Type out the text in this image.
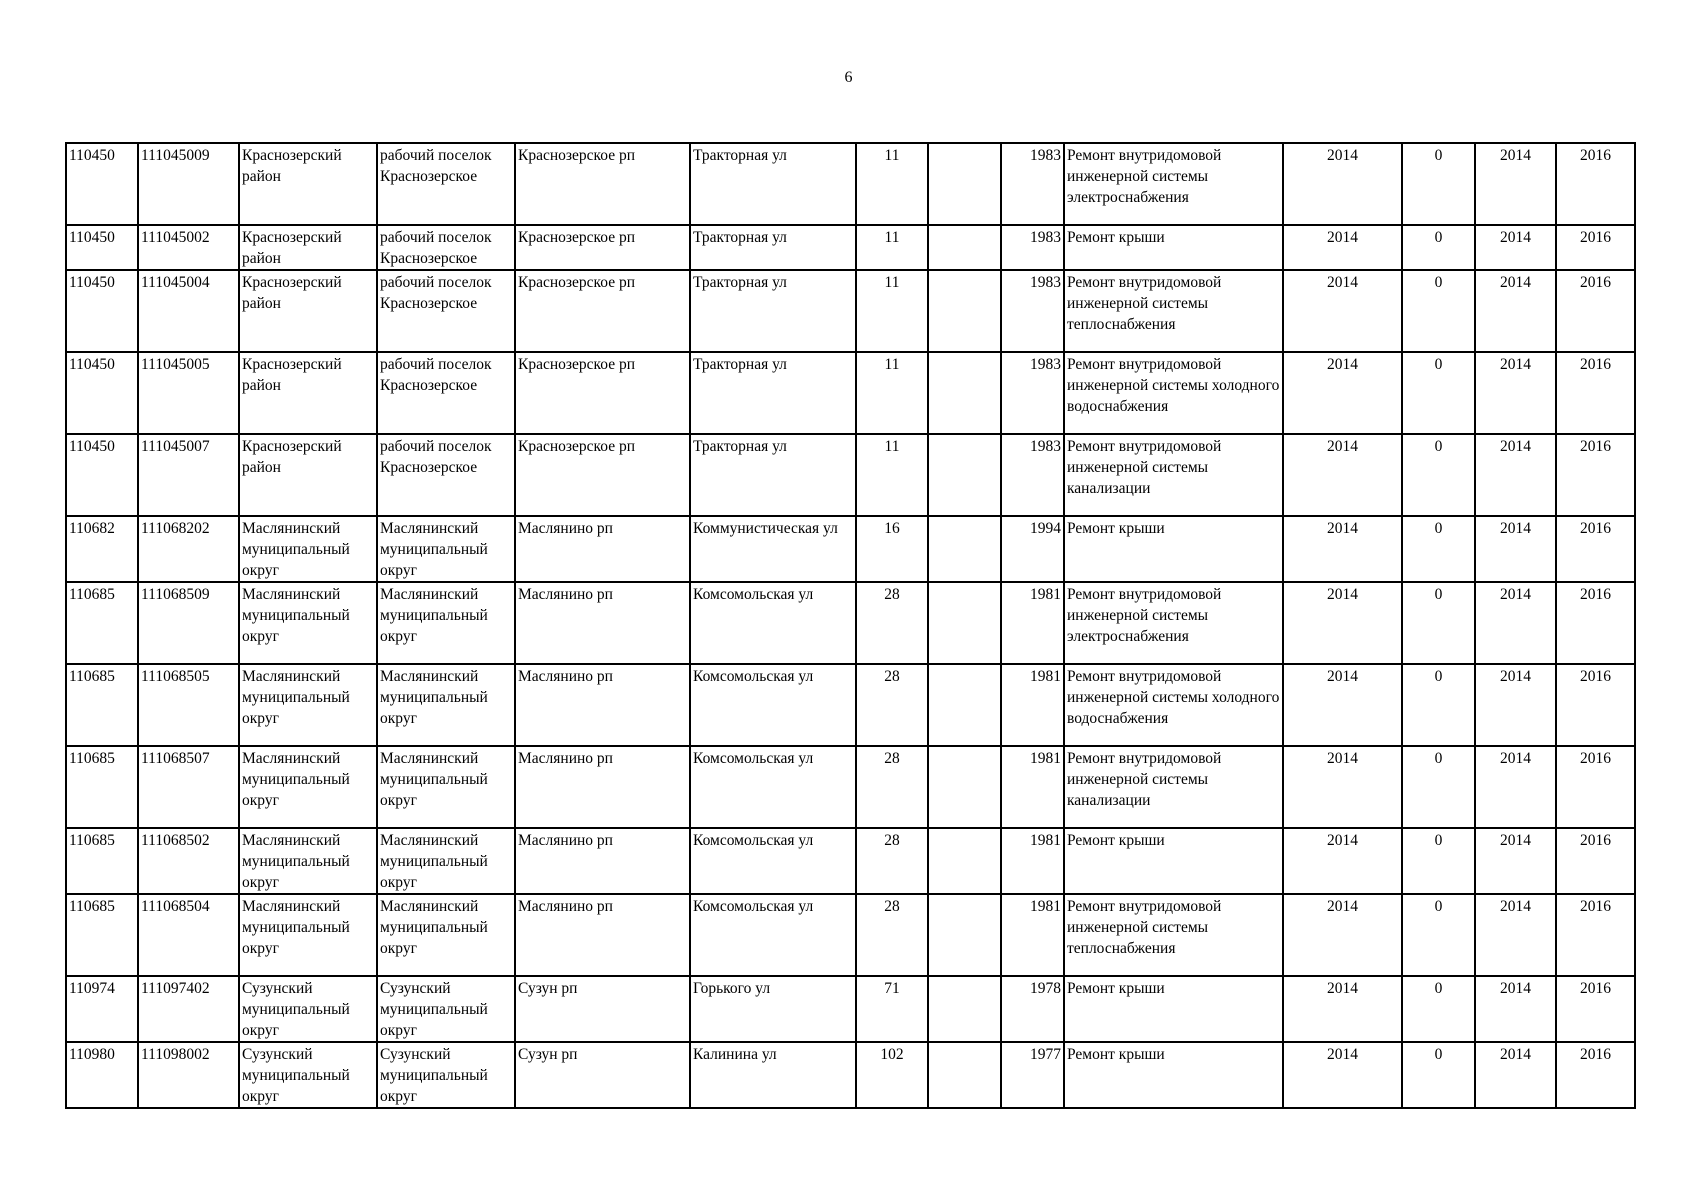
6
110450	111045009	Краснозерский район	рабочий поселок Краснозерское	Краснозерское рп	Тракторная ул	11		1983	Ремонт внутридомовой инженерной системы электроснабжения	2014	0	2014	2016
110450	111045002	Краснозерский район	рабочий поселок Краснозерское	Краснозерское рп	Тракторная ул	11		1983	Ремонт крыши	2014	0	2014	2016
110450	111045004	Краснозерский район	рабочий поселок Краснозерское	Краснозерское рп	Тракторная ул	11		1983	Ремонт внутридомовой инженерной системы теплоснабжения	2014	0	2014	2016
110450	111045005	Краснозерский район	рабочий поселок Краснозерское	Краснозерское рп	Тракторная ул	11		1983	Ремонт внутридомовой инженерной системы холодного водоснабжения	2014	0	2014	2016
110450	111045007	Краснозерский район	рабочий поселок Краснозерское	Краснозерское рп	Тракторная ул	11		1983	Ремонт внутридомовой инженерной системы канализации	2014	0	2014	2016
110682	111068202	Маслянинский муниципальный округ	Маслянинский муниципальный округ	Маслянино рп	Коммунистическая ул	16		1994	Ремонт крыши	2014	0	2014	2016
110685	111068509	Маслянинский муниципальный округ	Маслянинский муниципальный округ	Маслянино рп	Комсомольская ул	28		1981	Ремонт внутридомовой инженерной системы электроснабжения	2014	0	2014	2016
110685	111068505	Маслянинский муниципальный округ	Маслянинский муниципальный округ	Маслянино рп	Комсомольская ул	28		1981	Ремонт внутридомовой инженерной системы холодного водоснабжения	2014	0	2014	2016
110685	111068507	Маслянинский муниципальный округ	Маслянинский муниципальный округ	Маслянино рп	Комсомольская ул	28		1981	Ремонт внутридомовой инженерной системы канализации	2014	0	2014	2016
110685	111068502	Маслянинский муниципальный округ	Маслянинский муниципальный округ	Маслянино рп	Комсомольская ул	28		1981	Ремонт крыши	2014	0	2014	2016
110685	111068504	Маслянинский муниципальный округ	Маслянинский муниципальный округ	Маслянино рп	Комсомольская ул	28		1981	Ремонт внутридомовой инженерной системы теплоснабжения	2014	0	2014	2016
110974	111097402	Сузунский муниципальный округ	Сузунский муниципальный округ	Сузун рп	Горького ул	71		1978	Ремонт крыши	2014	0	2014	2016
110980	111098002	Сузунский муниципальный округ	Сузунский муниципальный округ	Сузун рп	Калинина ул	102		1977	Ремонт крыши	2014	0	2014	2016
